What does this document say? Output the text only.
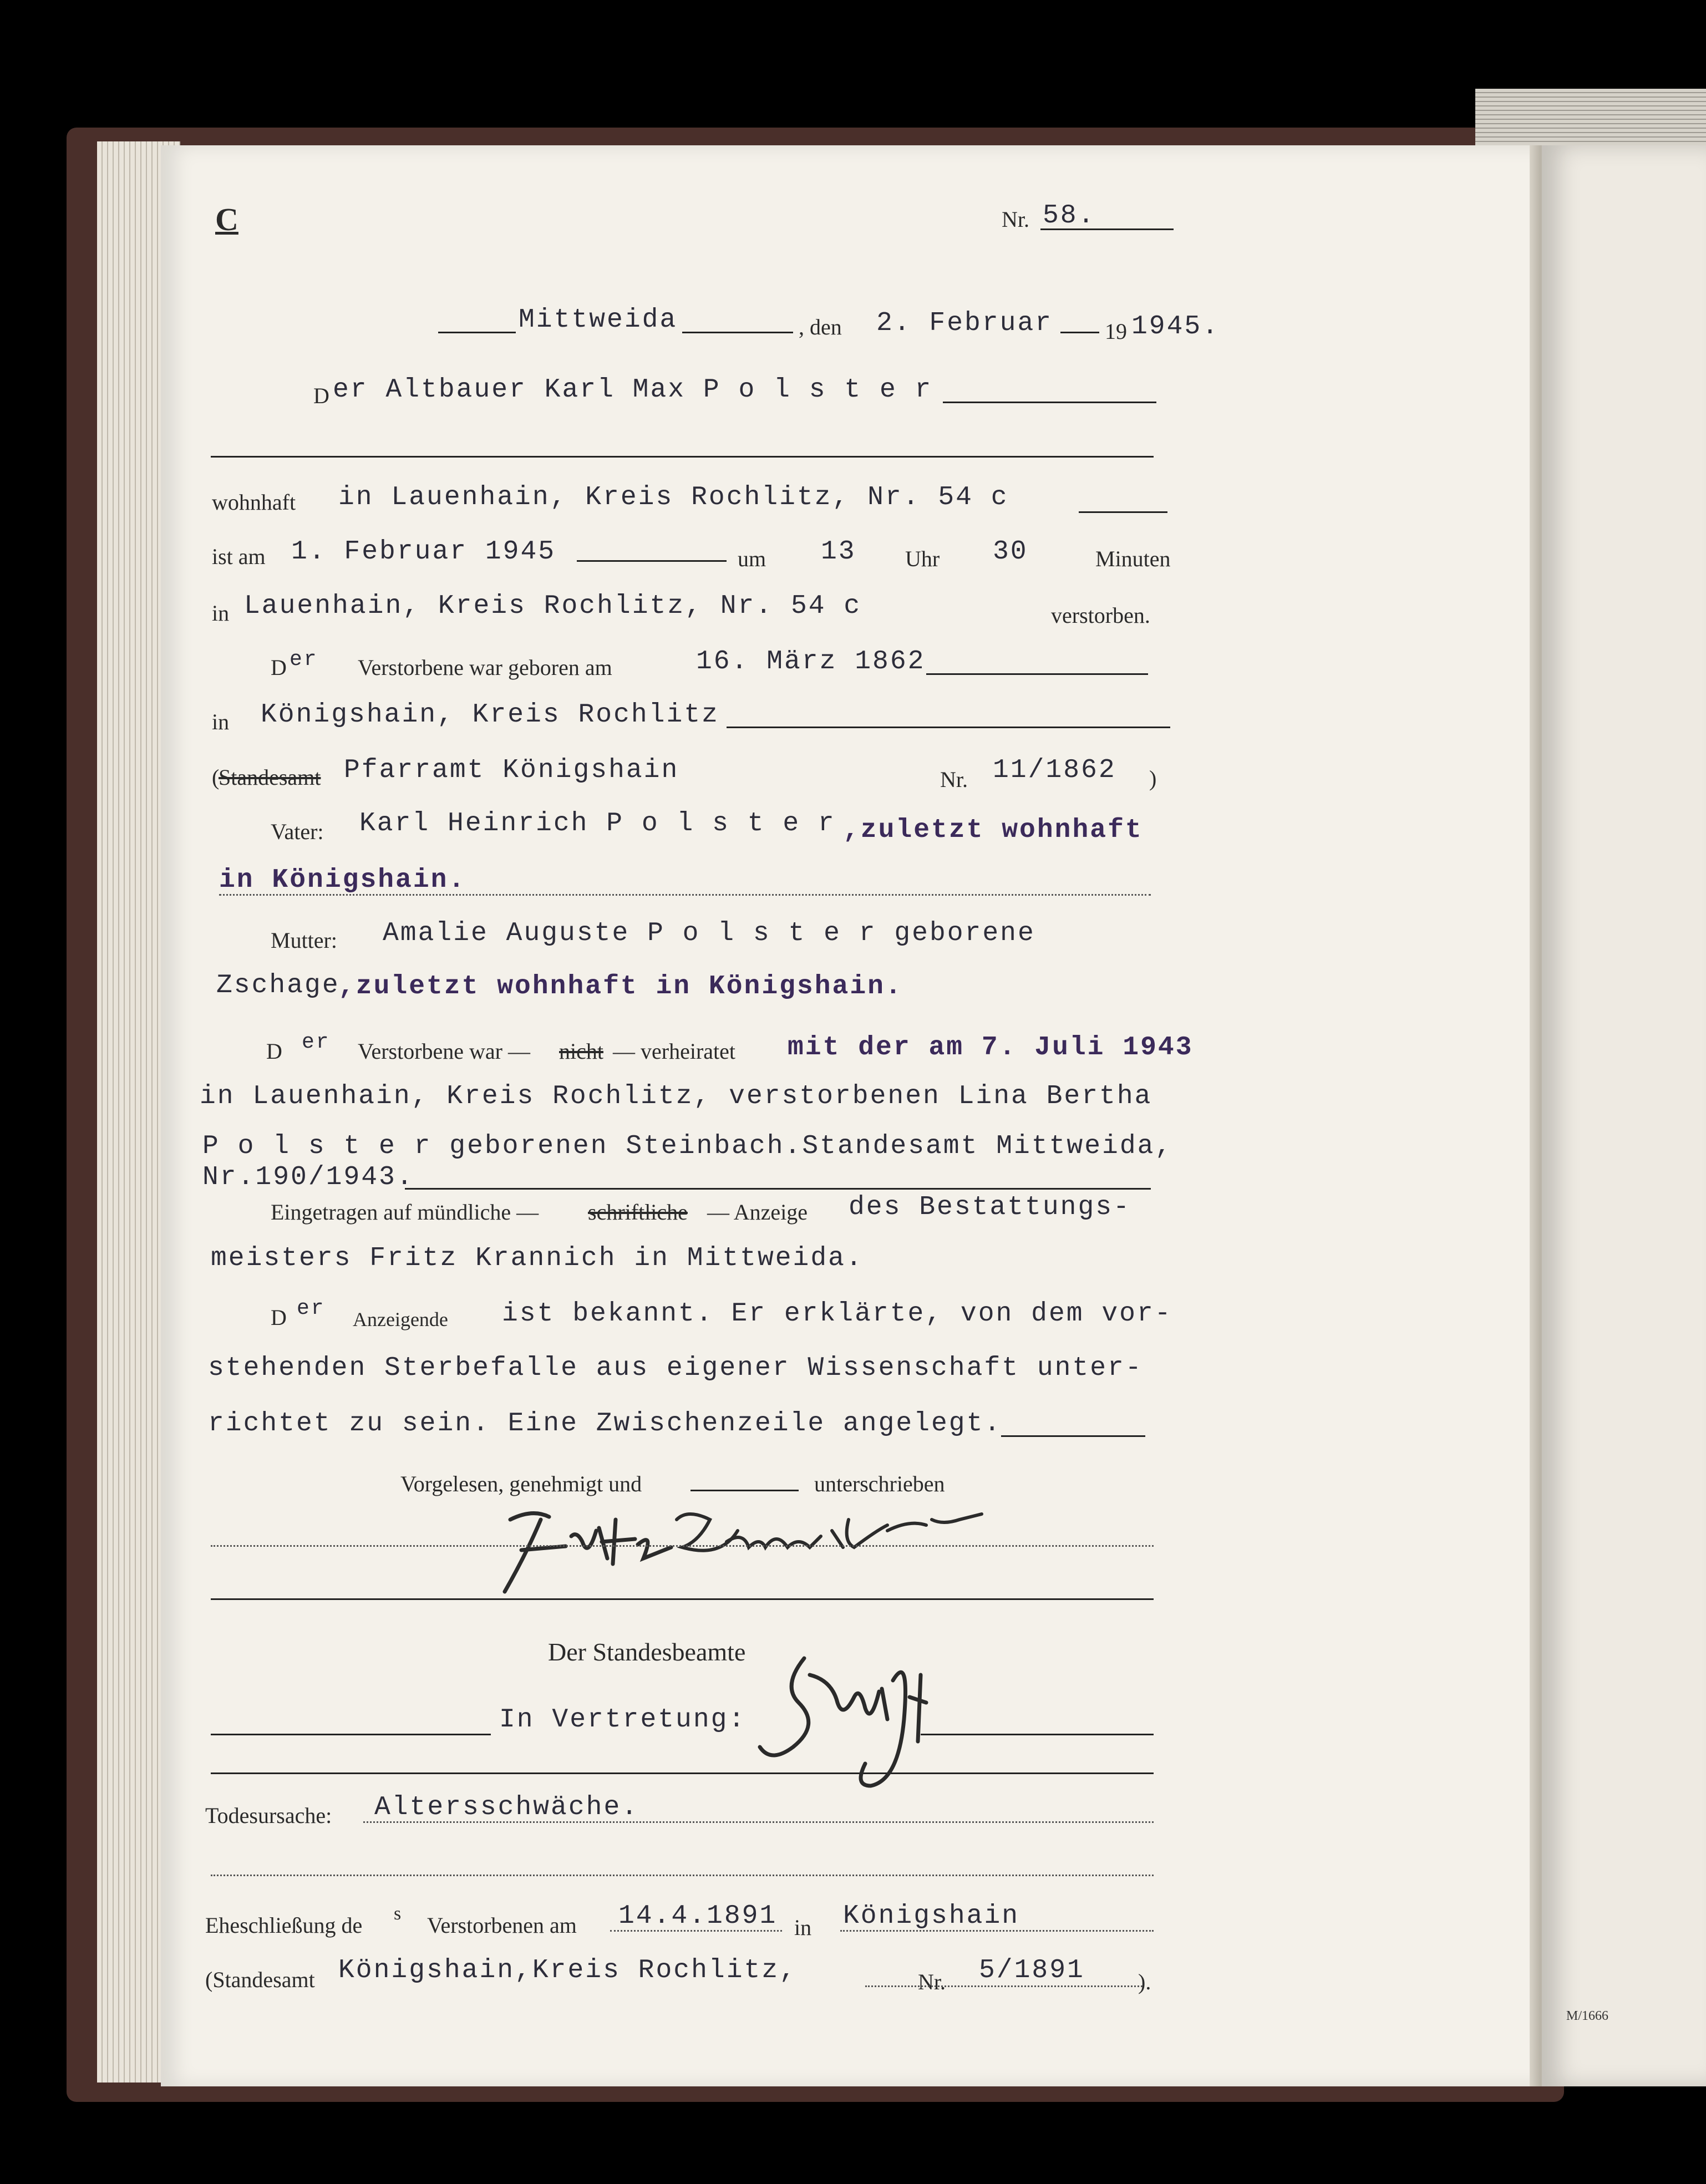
C	Nr. 58.
Mittweida	, den 2. Februar 19 1945.
D er Altbauer Karl Max P o l s t e r
wohnhaft in Lauenhain, Kreis Rochlitz, Nr. 54 c
ist am 1. Februar 1945	um 13 Uhr 30	Minuten
in Lauenhain, Kreis Rochlitz, Nr. 54 c	verstorben.
D er Verstorbene war geboren am	16. März 1862
in Königshain, Kreis Rochlitz
(
Standesamt Pfarramt Königshain	Nr. 11/1862 )
Vater: Karl Heinrich P o l s t e r ,zuletzt wohnhaft
in Königshain.
Mutter: Amalie Auguste P o l s t e r geborene
Zschage
,zuletzt wohnhaft in Königshain.
D er Verstorbene war — nicht — verheiratet mit der am 7. Juli 1943
in Lauenhain, Kreis Rochlitz, verstorbenen Lina Bertha
P o l s t e r geborenen Steinbach.Standesamt Mittweida,
Nr.190/1943.
Eingetragen auf mündliche — schriftliche — Anzeige des Bestattungs-
meisters Fritz Krannich in Mittweida.
D er Anzeigende ist bekannt. Er erklärte, von dem vor-
stehenden Sterbefalle aus eigener Wissenschaft unter-
richtet zu sein. Eine Zwischenzeile angelegt.
Vorgelesen, genehmigt und	unterschrieben
Der Standesbeamte
In Vertretung:
Todesursache: Altersschwäche.
Eheschließung de s Verstorbenen am 14.4.1891 in Königshain
(Standesamt Königshain,Kreis Rochlitz,	Nr. 5/1891 ).
M/1666
